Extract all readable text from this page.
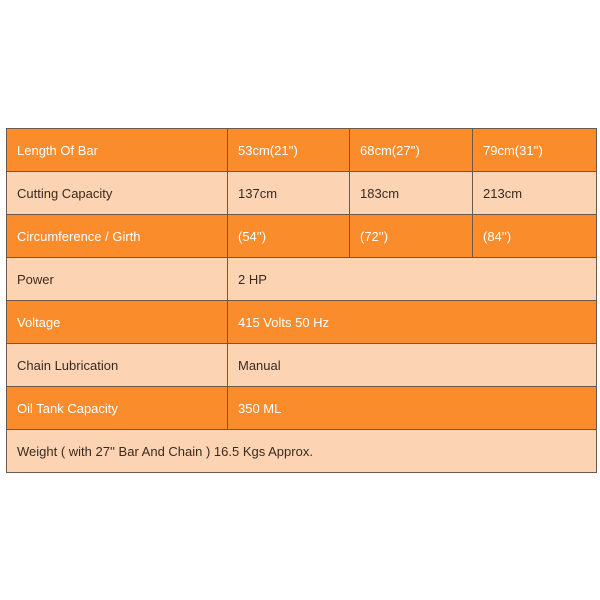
Length Of Bar	53cm(21'')	68cm(27'')	79cm(31'')
Cutting Capacity	137cm	183cm	213cm
Circumference / Girth	(54'')	(72'')	(84'')
Power	2 HP		
Voltage	415 Volts 50 Hz		
Chain Lubrication	Manual		
Oil Tank Capacity	350 ML		
Weight ( with 27'' Bar And Chain ) 16.5 Kgs Approx.			
